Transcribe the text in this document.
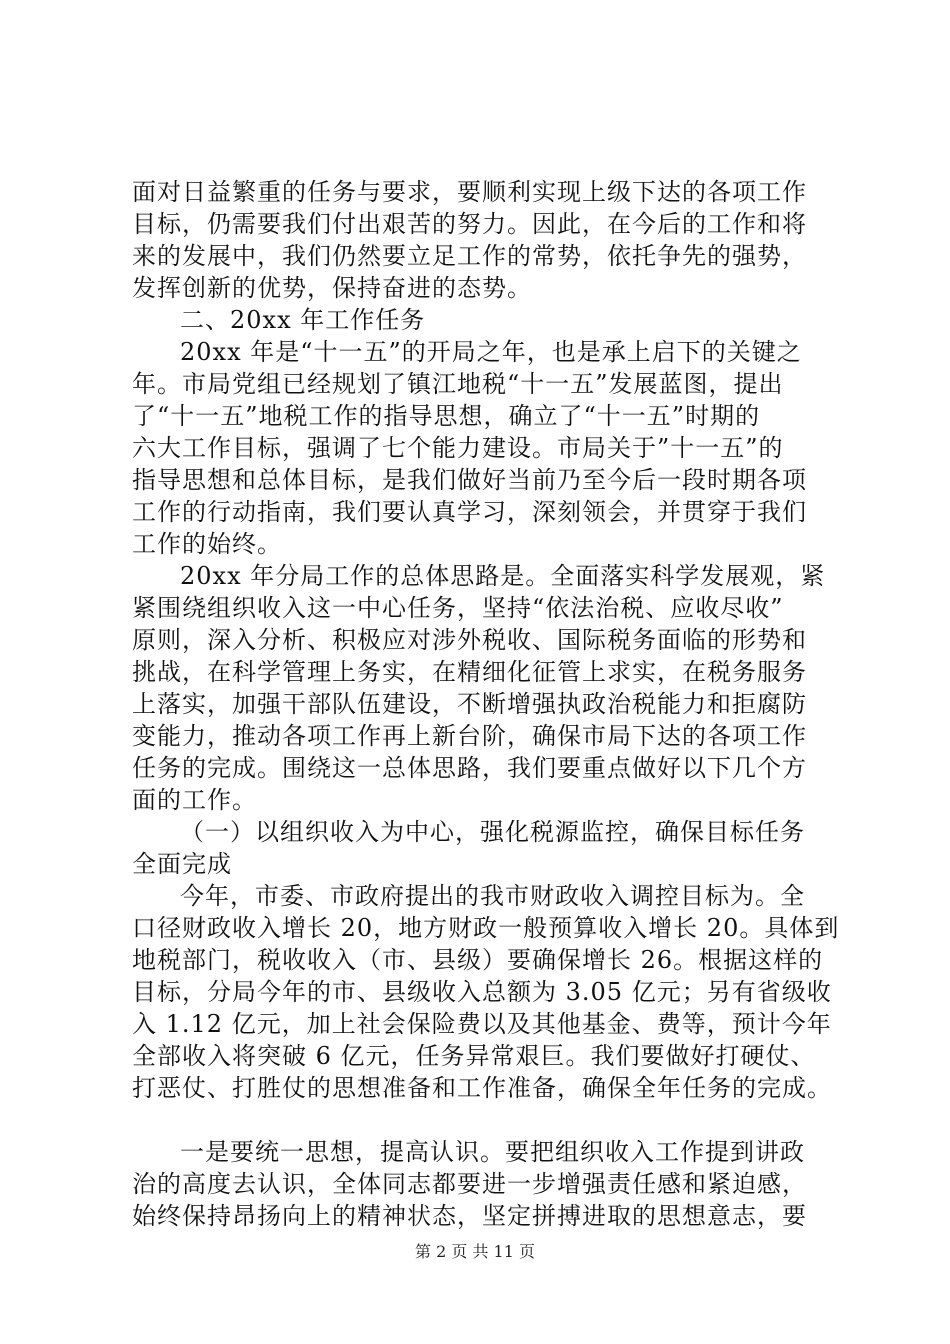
面对日益繁重的任务与要求，要顺利实现上级下达的各项工作
目标，仍需要我们付出艰苦的努力。因此，在今后的工作和将
来的发展中，我们仍然要立足工作的常势，依托争先的强势，
发挥创新的优势，保持奋进的态势。
二、20xx 年工作任务
20xx 年是“十一五”的开局之年，也是承上启下的关键之
年。市局党组已经规划了镇江地税“十一五”发展蓝图，提出
了“十一五”地税工作的指导思想，确立了“十一五”时期的
六大工作目标，强调了七个能力建设。市局关于”十一五”的
指导思想和总体目标，是我们做好当前乃至今后一段时期各项
工作的行动指南，我们要认真学习，深刻领会，并贯穿于我们
工作的始终。
20xx 年分局工作的总体思路是。全面落实科学发展观，紧
紧围绕组织收入这一中心任务，坚持“依法治税、应收尽收”
原则，深入分析、积极应对涉外税收、国际税务面临的形势和
挑战，在科学管理上务实，在精细化征管上求实，在税务服务
上落实，加强干部队伍建设，不断增强执政治税能力和拒腐防
变能力，推动各项工作再上新台阶，确保市局下达的各项工作
任务的完成。围绕这一总体思路，我们要重点做好以下几个方
面的工作。
（一）以组织收入为中心，强化税源监控，确保目标任务
全面完成
今年，市委、市政府提出的我市财政收入调控目标为。全
口径财政收入增长 20，地方财政一般预算收入增长 20。具体到
地税部门，税收收入（市、县级）要确保增长 26。根据这样的
目标，分局今年的市、县级收入总额为 3.05 亿元；另有省级收
入 1.12 亿元，加上社会保险费以及其他基金、费等，预计今年
全部收入将突破 6 亿元，任务异常艰巨。我们要做好打硬仗、
打恶仗、打胜仗的思想准备和工作准备，确保全年任务的完成。
一是要统一思想，提高认识。要把组织收入工作提到讲政
治的高度去认识，全体同志都要进一步增强责任感和紧迫感，
始终保持昂扬向上的精神状态，坚定拼搏进取的思想意志，要
第 2 页 共 11 页
